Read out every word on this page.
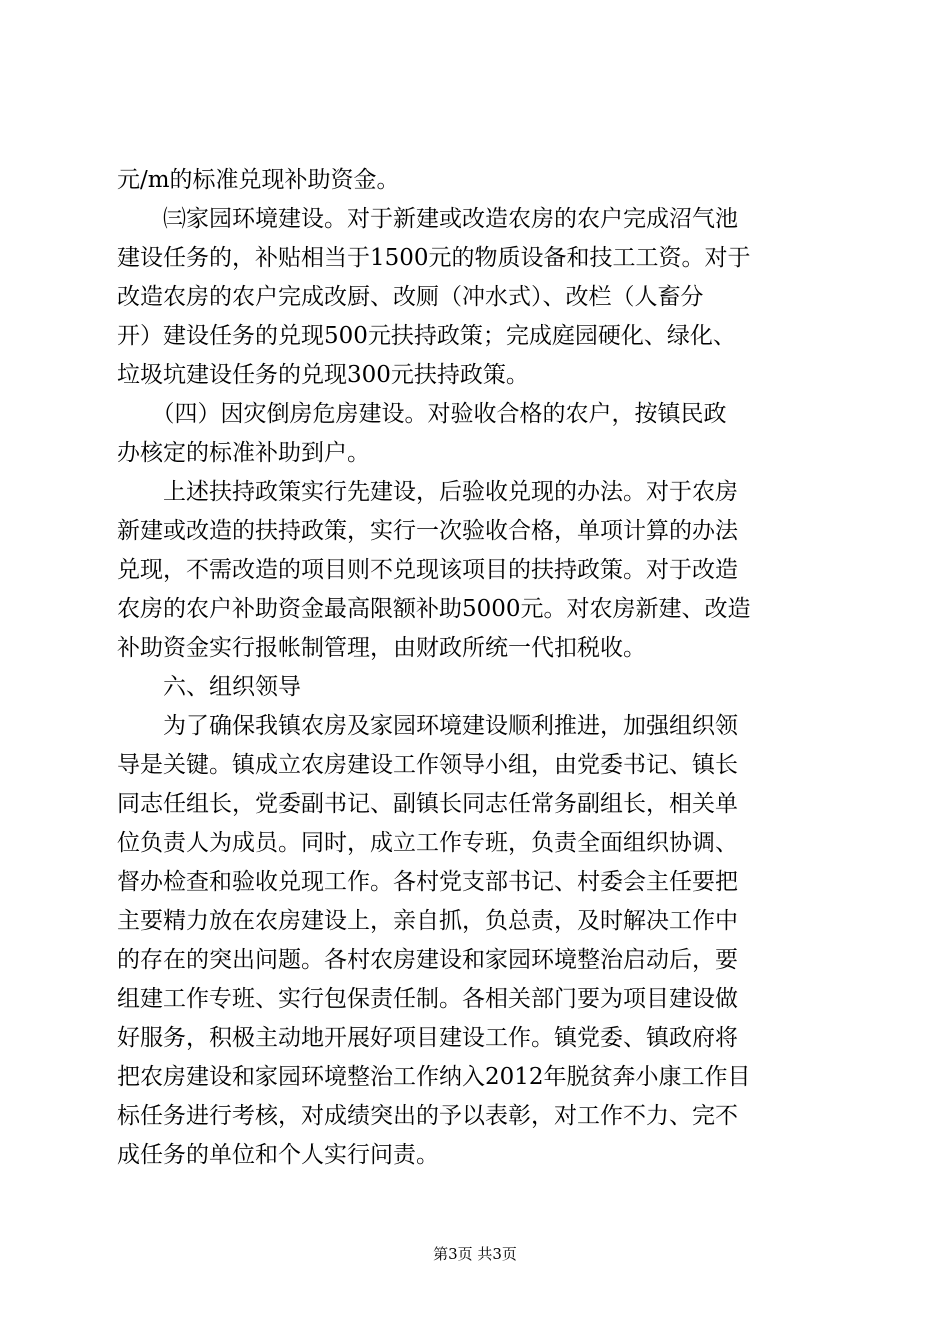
元/m的标准兑现补助资金。
　　㈢家园环境建设。对于新建或改造农房的农户完成沼气池
建设任务的，补贴相当于1500元的物质设备和技工工资。对于
改造农房的农户完成改厨、改厕（冲水式）、改栏（人畜分
开）建设任务的兑现500元扶持政策；完成庭园硬化、绿化、
垃圾坑建设任务的兑现300元扶持政策。
　　（四）因灾倒房危房建设。对验收合格的农户，按镇民政
办核定的标准补助到户。
　　上述扶持政策实行先建设，后验收兑现的办法。对于农房
新建或改造的扶持政策，实行一次验收合格，单项计算的办法
兑现，不需改造的项目则不兑现该项目的扶持政策。对于改造
农房的农户补助资金最高限额补助5000元。对农房新建、改造
补助资金实行报帐制管理，由财政所统一代扣税收。
　　六、组织领导
　　为了确保我镇农房及家园环境建设顺利推进，加强组织领
导是关键。镇成立农房建设工作领导小组，由党委书记、镇长
同志任组长，党委副书记、副镇长同志任常务副组长，相关单
位负责人为成员。同时，成立工作专班，负责全面组织协调、
督办检查和验收兑现工作。各村党支部书记、村委会主任要把
主要精力放在农房建设上，亲自抓，负总责，及时解决工作中
的存在的突出问题。各村农房建设和家园环境整治启动后，要
组建工作专班、实行包保责任制。各相关部门要为项目建设做
好服务，积极主动地开展好项目建设工作。镇党委、镇政府将
把农房建设和家园环境整治工作纳入2012年脱贫奔小康工作目
标任务进行考核，对成绩突出的予以表彰，对工作不力、完不
成任务的单位和个人实行问责。
第3页 共3页
